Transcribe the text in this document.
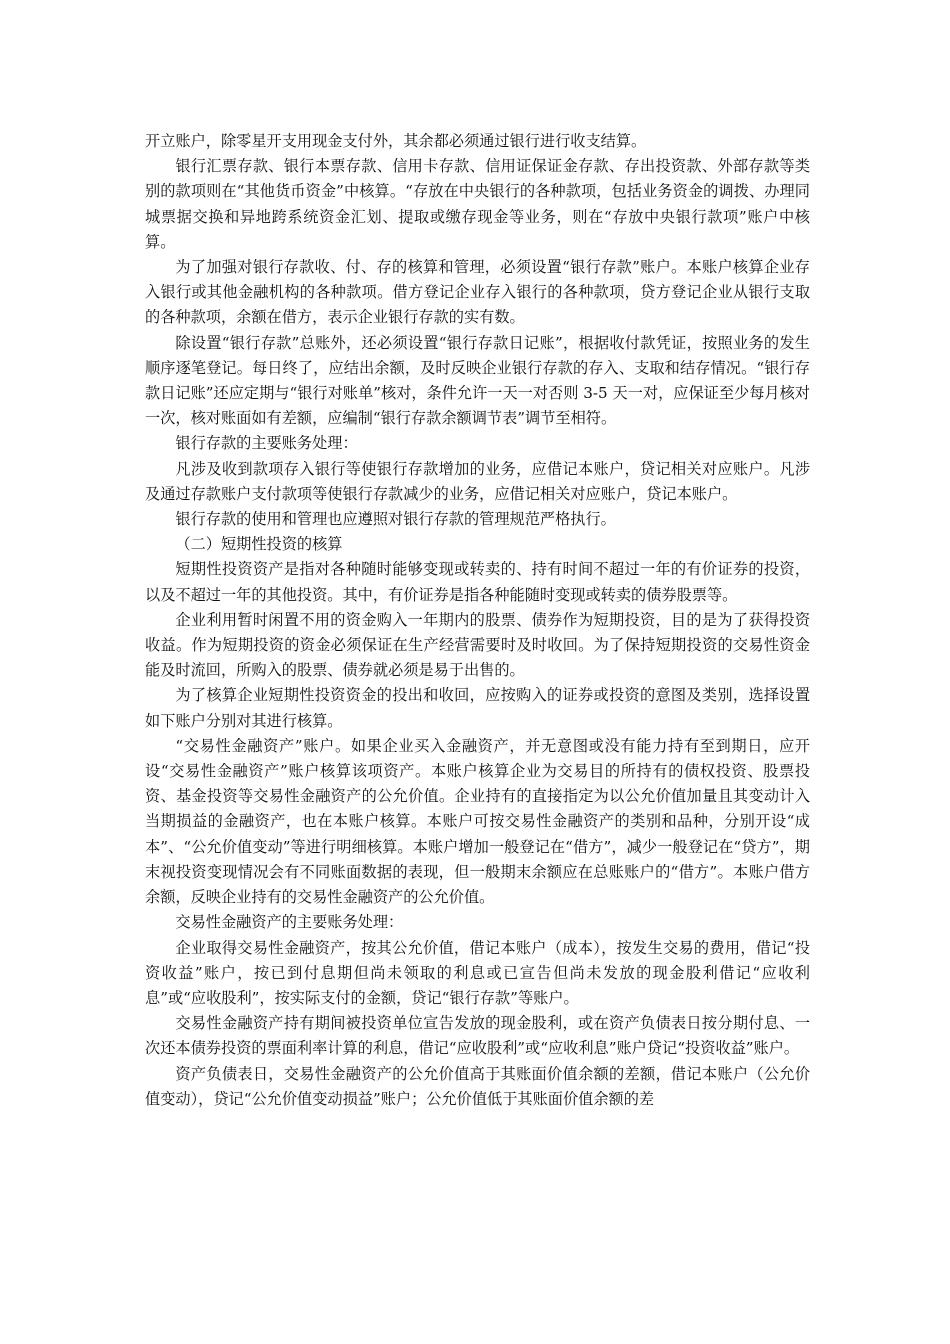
开立账户，除零星开支用现金支付外，其余都必须通过银行进行收支结算。

银行汇票存款、银行本票存款、信用卡存款、信用证保证金存款、存出投资款、外部存款等类别的款项则在“其他货币资金”中核算。“存放在中央银行的各种款项，包括业务资金的调拨、办理同城票据交换和异地跨系统资金汇划、提取或缴存现金等业务，则在“存放中央银行款项”账户中核算。

为了加强对银行存款收、付、存的核算和管理，必须设置“银行存款”账户。本账户核算企业存入银行或其他金融机构的各种款项。借方登记企业存入银行的各种款项，贷方登记企业从银行支取的各种款项，余额在借方，表示企业银行存款的实有数。

除设置“银行存款”总账外，还必须设置“银行存款日记账”，根据收付款凭证，按照业务的发生顺序逐笔登记。每日终了，应结出余额，及时反映企业银行存款的存入、支取和结存情况。“银行存款日记账”还应定期与“银行对账单”核对，条件允许一天一对否则 3-5 天一对，应保证至少每月核对一次，核对账面如有差额，应编制“银行存款余额调节表”调节至相符。

银行存款的主要账务处理：

凡涉及收到款项存入银行等使银行存款增加的业务，应借记本账户，贷记相关对应账户。凡涉及通过存款账户支付款项等使银行存款减少的业务，应借记相关对应账户，贷记本账户。

银行存款的使用和管理也应遵照对银行存款的管理规范严格执行。

（二）短期性投资的核算

短期性投资资产是指对各种随时能够变现或转卖的、持有时间不超过一年的有价证券的投资，以及不超过一年的其他投资。其中，有价证券是指各种能随时变现或转卖的债券股票等。

企业利用暂时闲置不用的资金购入一年期内的股票、债券作为短期投资，目的是为了获得投资收益。作为短期投资的资金必须保证在生产经营需要时及时收回。为了保持短期投资的交易性资金能及时流回，所购入的股票、债券就必须是易于出售的。

为了核算企业短期性投资资金的投出和收回，应按购入的证券或投资的意图及类别，选择设置如下账户分别对其进行核算。

“交易性金融资产”账户。如果企业买入金融资产，并无意图或没有能力持有至到期日，应开设“交易性金融资产”账户核算该项资产。本账户核算企业为交易目的所持有的债权投资、股票投资、基金投资等交易性金融资产的公允价值。企业持有的直接指定为以公允价值加量且其变动计入当期损益的金融资产，也在本账户核算。本账户可按交易性金融资产的类别和品种，分别开设“成本”、“公允价值变动”等进行明细核算。本账户增加一般登记在“借方”，减少一般登记在“贷方”，期末视投资变现情况会有不同账面数据的表现，但一般期末余额应在总账账户的“借方”。本账户借方余额，反映企业持有的交易性金融资产的公允价值。

交易性金融资产的主要账务处理：

企业取得交易性金融资产，按其公允价值，借记本账户（成本），按发生交易的费用，借记“投资收益”账户，按已到付息期但尚未领取的利息或已宣告但尚未发放的现金股利借记“应收利息”或“应收股利”，按实际支付的金额，贷记“银行存款”等账户。

交易性金融资产持有期间被投资单位宣告发放的现金股利，或在资产负债表日按分期付息、一次还本债券投资的票面利率计算的利息，借记“应收股利”或“应收利息”账户贷记“投资收益”账户。

资产负债表日，交易性金融资产的公允价值高于其账面价值余额的差额，借记本账户（公允价值变动），贷记“公允价值变动损益”账户；公允价值低于其账面价值余额的差
